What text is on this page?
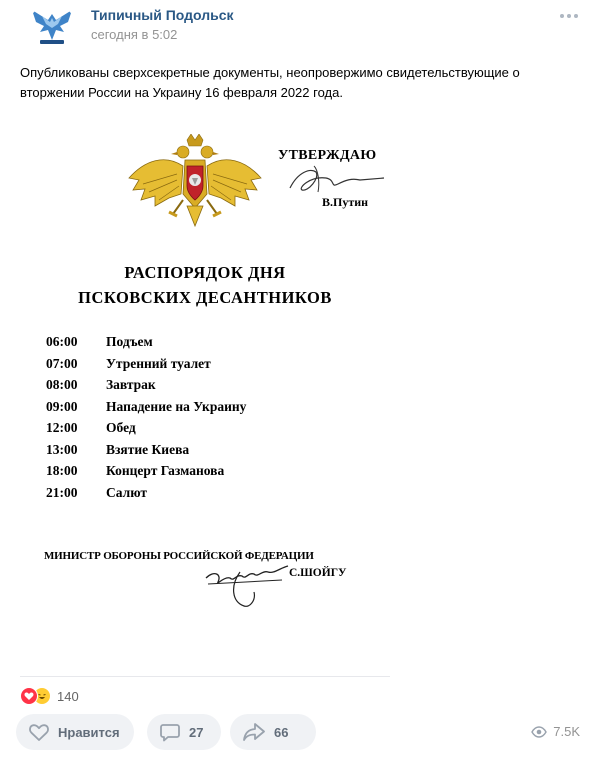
Типичный Подольск
сегодня в 5:02
Опубликованы сверхсекретные документы, неопровержимо свидетельствующие о вторжении России на Украину 16 февраля 2022 года.
УТВЕРЖДАЮ
В.Путин
РАСПОРЯДОК ДНЯ
ПСКОВСКИХ ДЕСАНТНИКОВ
06:00 Подъем
07:00 Утренний туалет
08:00 Завтрак
09:00 Нападение на Украину
12:00 Обед
13:00 Взятие Киева
18:00 Концерт Газманова
21:00 Салют
МИНИСТР ОБОРОНЫ РОССИЙСКОЙ ФЕДЕРАЦИИ
С.ШОЙГУ
140
Нравится	27	66	7.5K
